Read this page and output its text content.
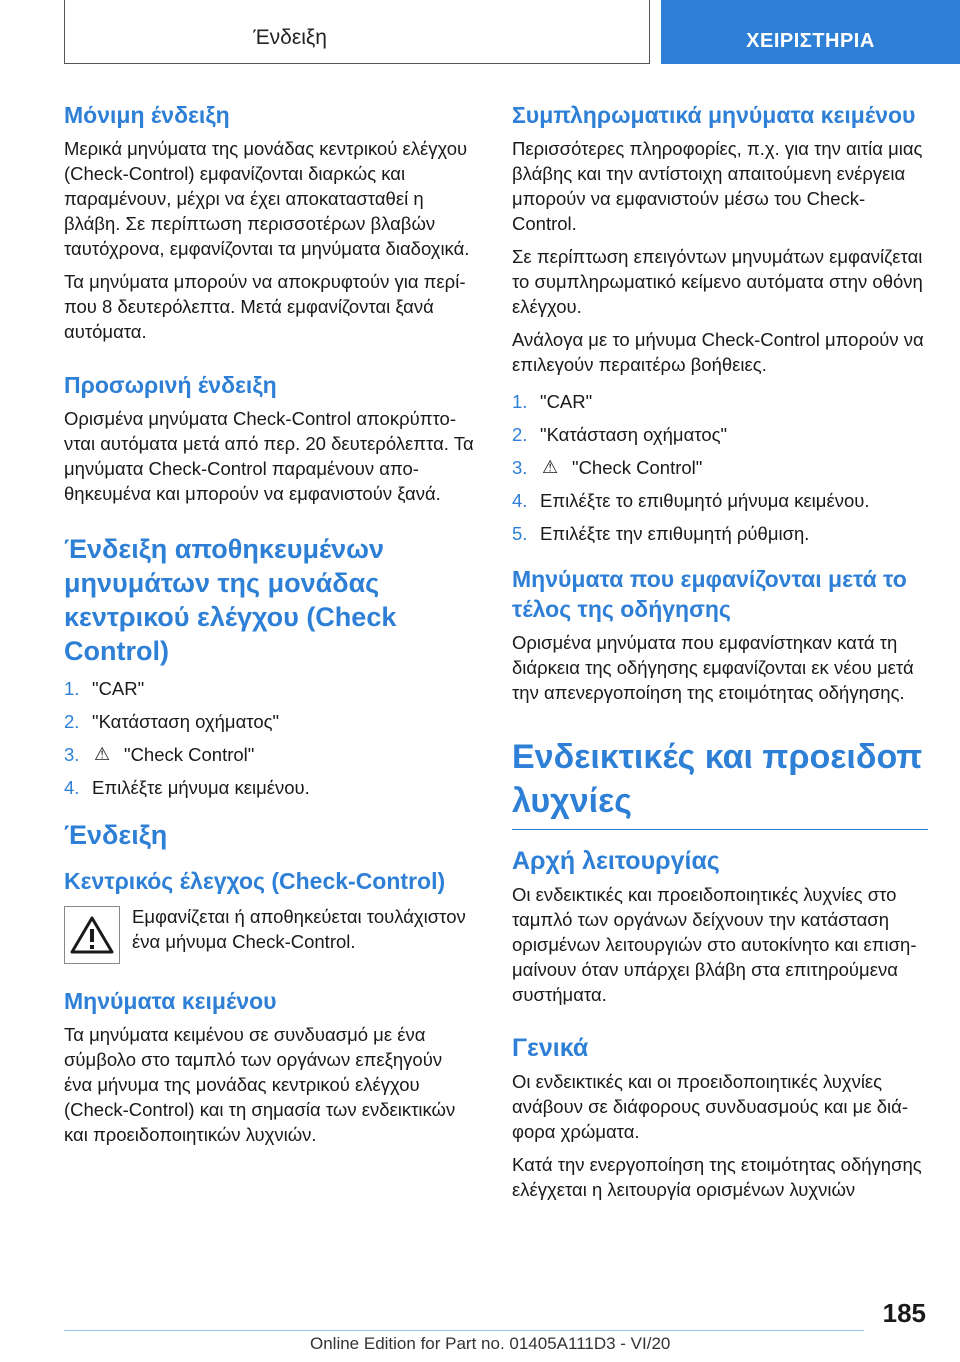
Ένδειξη	ΧΕΙΡΙΣΤΗΡΙΑ
Μόνιμη ένδειξη

Μερικά μηνύματα της μονάδας κεντρικού ελέγχου (Check-Control) εμφανίζονται διαρκώς και παραμένουν, μέχρι να έχει αποκατασταθεί η βλάβη. Σε περίπτωση περισσοτέρων βλαβών ταυτόχρονα, εμφανίζονται τα μηνύματα διαδοχικά.

Τα μηνύματα μπορούν να αποκρυφτούν για περίπου 8 δευτερόλεπτα. Μετά εμφανίζονται ξανά αυτόματα.

Προσωρινή ένδειξη

Ορισμένα μηνύματα Check-Control αποκρύπτονται αυτόματα μετά από περ. 20 δευτερόλεπτα. Τα μηνύματα Check-Control παραμένουν αποθηκευμένα και μπορούν να εμφανιστούν ξανά.

Ένδειξη αποθηκευμένων μηνυμάτων της μονάδας κεντρικού ελέγχου (Check Control)
1. "CAR"
2. "Κατάσταση οχήματος"
3. ⚠ "Check Control"
4. Επιλέξτε μήνυμα κειμένου.
Ένδειξη
Κεντρικός έλεγχος (Check-Control)

Εμφανίζεται ή αποθηκεύεται τουλάχιστον ένα μήνυμα Check-Control.

Μηνύματα κειμένου

Τα μηνύματα κειμένου σε συνδυασμό με ένα σύμβολο στο ταμπλό των οργάνων επεξηγούν ένα μήνυμα της μονάδας κεντρικού ελέγχου (Check-Control) και τη σημασία των ενδεικτικών και προειδοποιητικών λυχνιών.

Συμπληρωματικά μηνύματα κειμένου

Περισσότερες πληροφορίες, π.χ. για την αιτία μιας βλάβης και την αντίστοιχη απαιτούμενη ενέργεια μπορούν να εμφανιστούν μέσω του Check-Control.

Σε περίπτωση επειγόντων μηνυμάτων εμφανίζεται το συμπληρωματικό κείμενο αυτόματα στην οθόνη ελέγχου.

Ανάλογα με το μήνυμα Check-Control μπορούν να επιλεγούν περαιτέρω βοήθειες.

1. "CAR"
2. "Κατάσταση οχήματος"
3. ⚠ "Check Control"
4. Επιλέξτε το επιθυμητό μήνυμα κειμένου.
5. Επιλέξτε την επιθυμητή ρύθμιση.
Μηνύματα που εμφανίζονται μετά το τέλος της οδήγησης

Ορισμένα μηνύματα που εμφανίστηκαν κατά τη διάρκεια της οδήγησης εμφανίζονται εκ νέου μετά την απενεργοποίηση της ετοιμότητας οδήγησης.

Ενδεικτικές και προειδοπ λυχνίες
Αρχή λειτουργίας

Οι ενδεικτικές και προειδοποιητικές λυχνίες στο ταμπλό των οργάνων δείχνουν την κατάσταση ορισμένων λειτουργιών στο αυτοκίνητο και επισημαίνουν όταν υπάρχει βλάβη στα επιτηρούμενα συστήματα.

Γενικά

Οι ενδεικτικές και οι προειδοποιητικές λυχνίες ανάβουν σε διάφορους συνδυασμούς και με διάφορα χρώματα.

Κατά την ενεργοποίηση της ετοιμότητας οδήγησης ελέγχεται η λειτουργία ορισμένων λυχνιών

185
Online Edition for Part no. 01405A111D3 - VI/20
